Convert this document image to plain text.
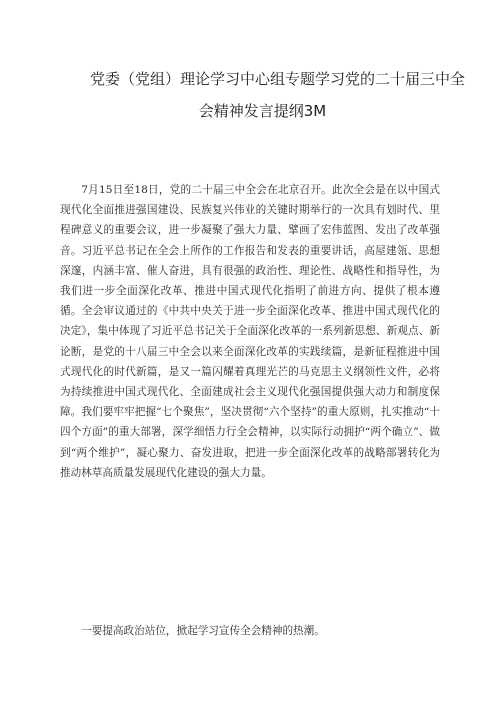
党委（党组）理论学习中心组专题学习党的二十届三中全
会精神发言提纲3M

7月15日至18日，党的二十届三中全会在北京召开。此次全会是在以中国式现代化全面推进强国建设、民族复兴伟业的关键时期举行的一次具有划时代、里程碑意义的重要会议，进一步凝聚了强大力量、擘画了宏伟蓝图、发出了改革强音。习近平总书记在全会上所作的工作报告和发表的重要讲话，高屋建瓴、思想深邃，内涵丰富、催人奋进，具有很强的政治性、理论性、战略性和指导性，为我们进一步全面深化改革、推进中国式现代化指明了前进方向、提供了根本遵循。全会审议通过的《中共中央关于进一步全面深化改革、推进中国式现代化的决定》，集中体现了习近平总书记关于全面深化改革的一系列新思想、新观点、新论断，是党的十八届三中全会以来全面深化改革的实践续篇，是新征程推进中国式现代化的时代新篇，是又一篇闪耀着真理光芒的马克思主义纲领性文件，必将为持续推进中国式现代化、全面建成社会主义现代化强国提供强大动力和制度保障。我们要牢牢把握“七个聚焦”，坚决贯彻“六个坚持”的重大原则，扎实推动“十四个方面”的重大部署，深学细悟力行全会精神，以实际行动拥护“两个确立”、做到“两个维护”，凝心聚力、奋发进取，把进一步全面深化改革的战略部署转化为推动林草高质量发展现代化建设的强大力量。

一要提高政治站位，掀起学习宣传全会精神的热潮。
